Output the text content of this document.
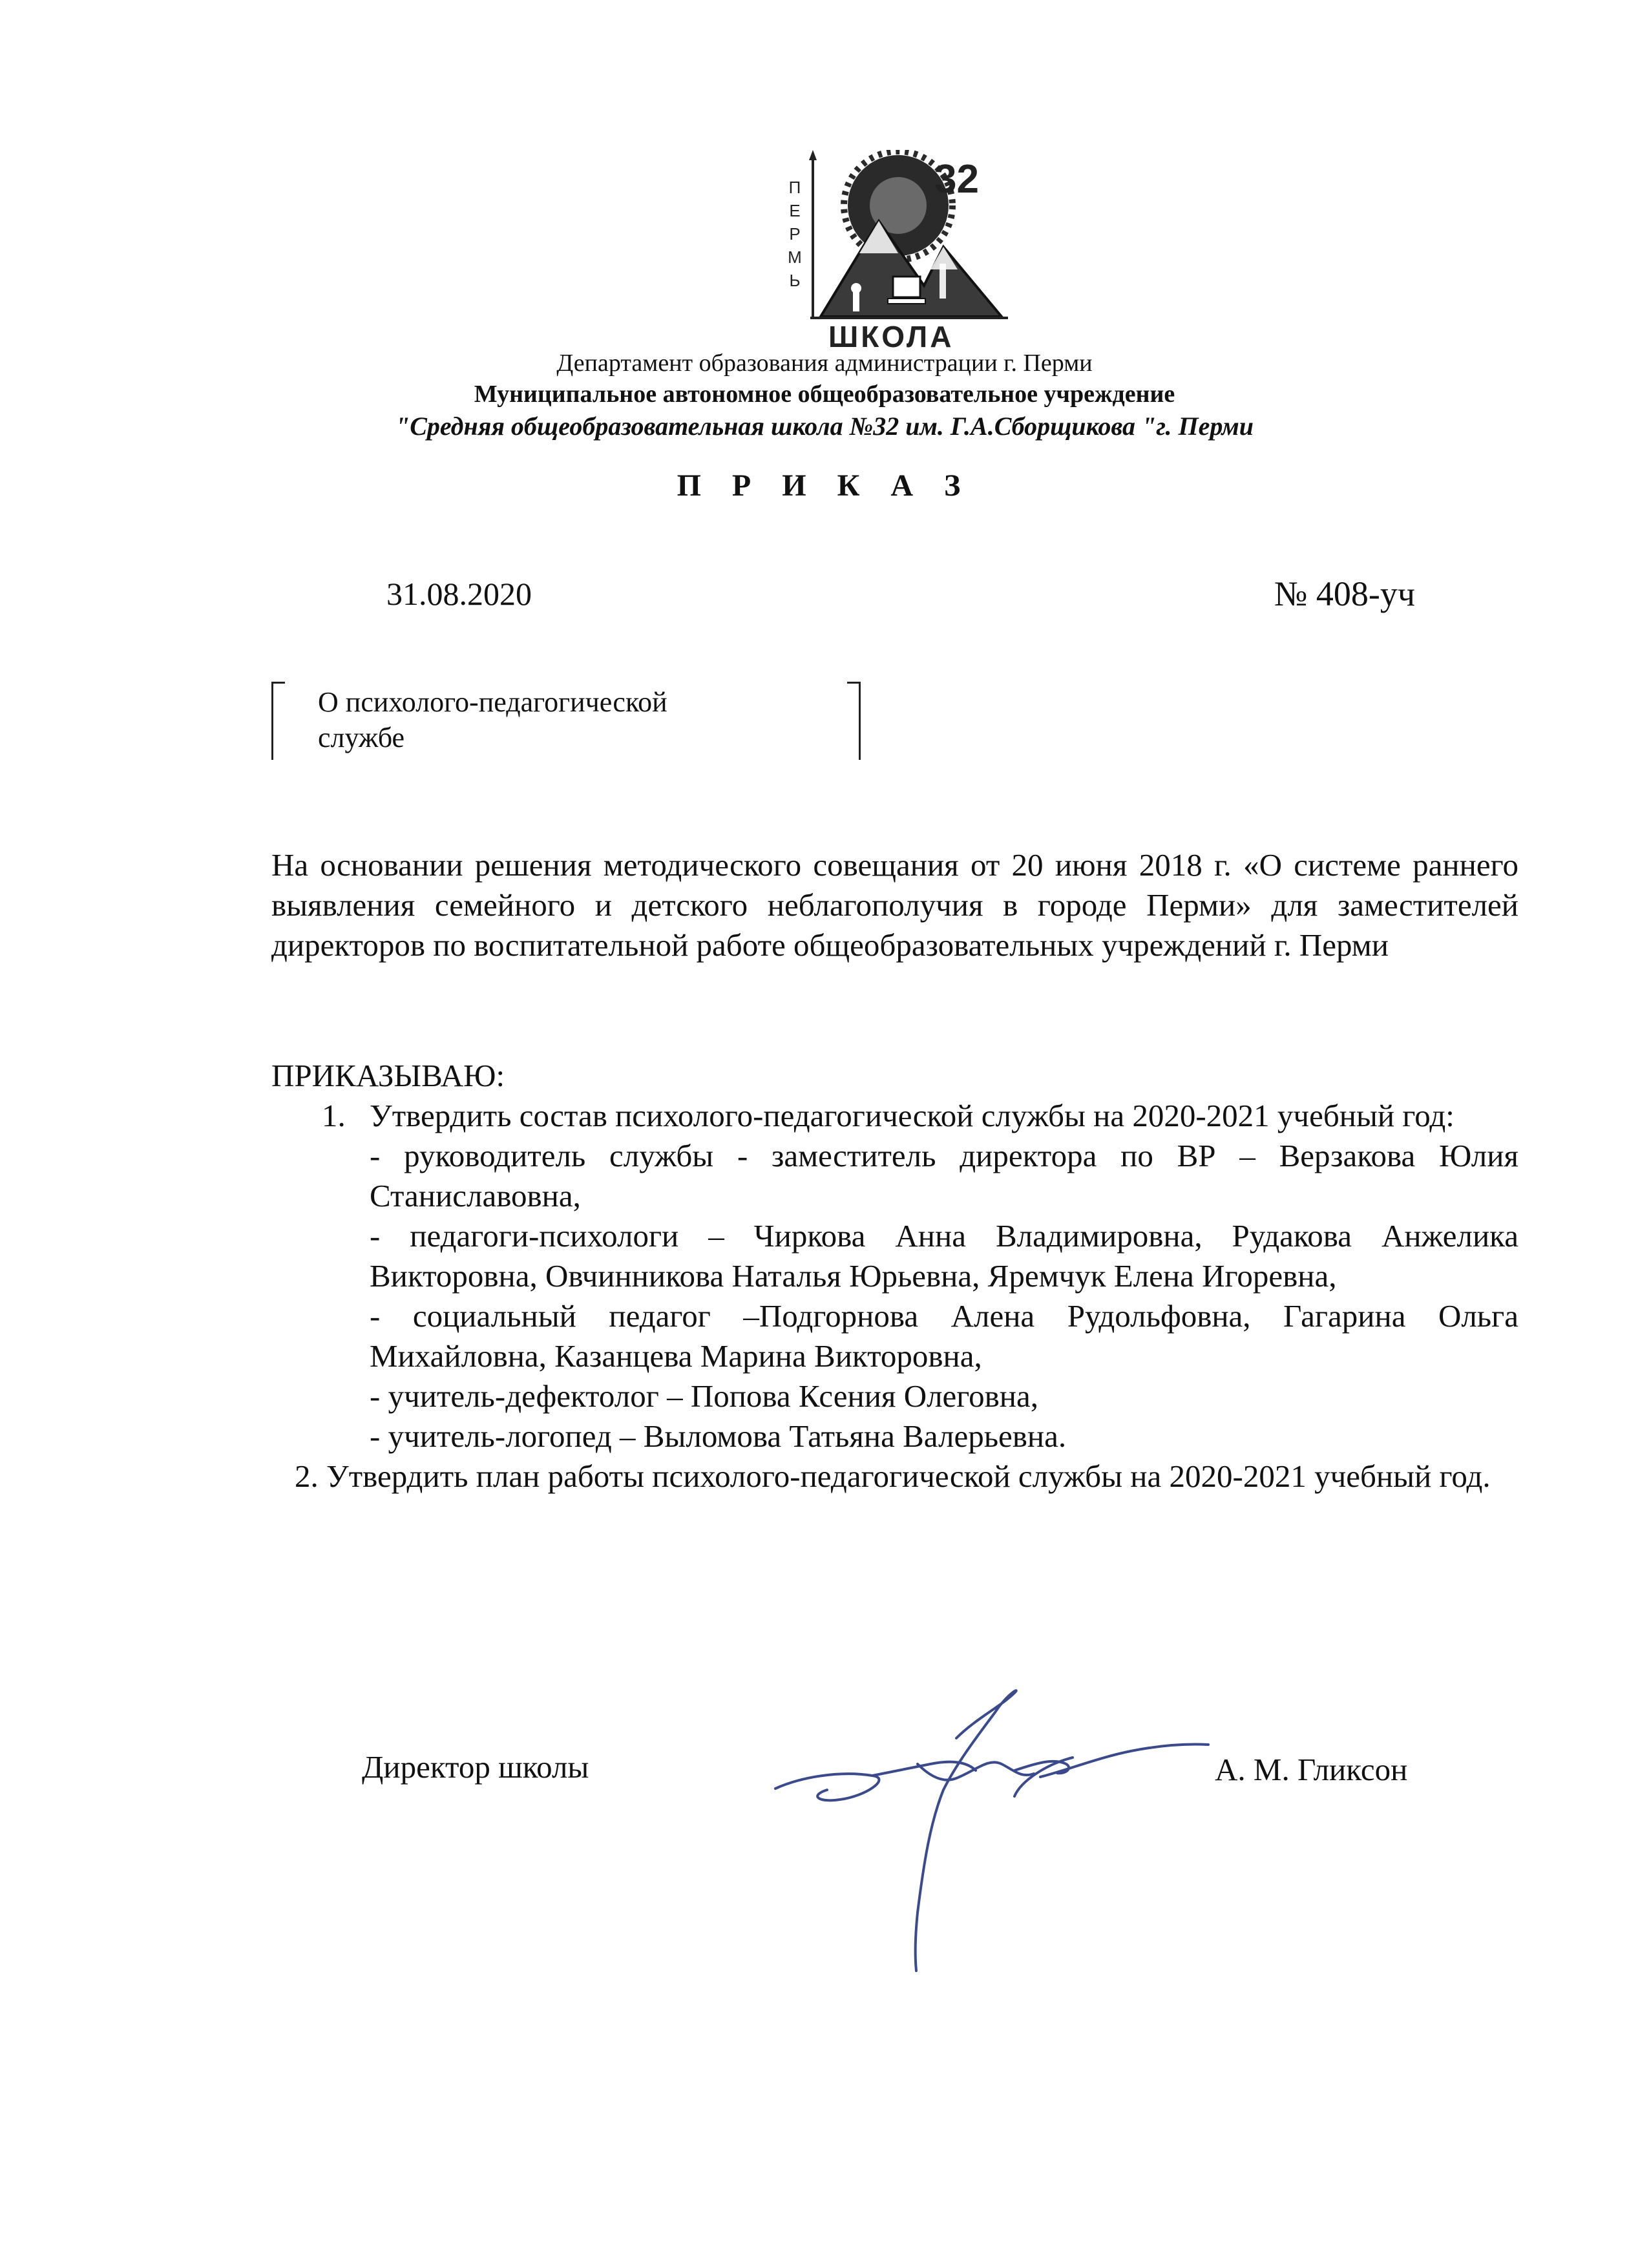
П
Е
Р
М
Ь
32
ШКОЛА
Департамент образования администрации г. Перми
Муниципальное автономное общеобразовательное учреждение
"Средняя общеобразовательная школа №32 им. Г.А.Сборщикова "г. Перми
П Р И К А З
31.08.2020	№ 408-уч
О психолого-педагогической
службе
На основании решения методического совещания от 20 июня 2018 г. «О системе раннего выявления семейного и детского неблагополучия в городе Перми» для заместителей директоров по воспитательной работе общеобразовательных учреждений г. Перми
ПРИКАЗЫВАЮ:
1. Утвердить состав психолого-педагогической службы на 2020-2021 учебный год:
- руководитель службы - заместитель директора по ВР – Верзакова Юлия Станиславовна,
- педагоги-психологи – Чиркова Анна Владимировна, Рудакова Анжелика Викторовна, Овчинникова Наталья Юрьевна, Яремчук Елена Игоревна,
- социальный педагог –Подгорнова Алена Рудольфовна, Гагарина Ольга Михайловна, Казанцева Марина Викторовна,
- учитель-дефектолог – Попова Ксения Олеговна,
- учитель-логопед – Выломова Татьяна Валерьевна.
2. Утвердить план работы психолого-педагогической службы на 2020-2021 учебный год.
Директор школы	А. М. Гликсон
